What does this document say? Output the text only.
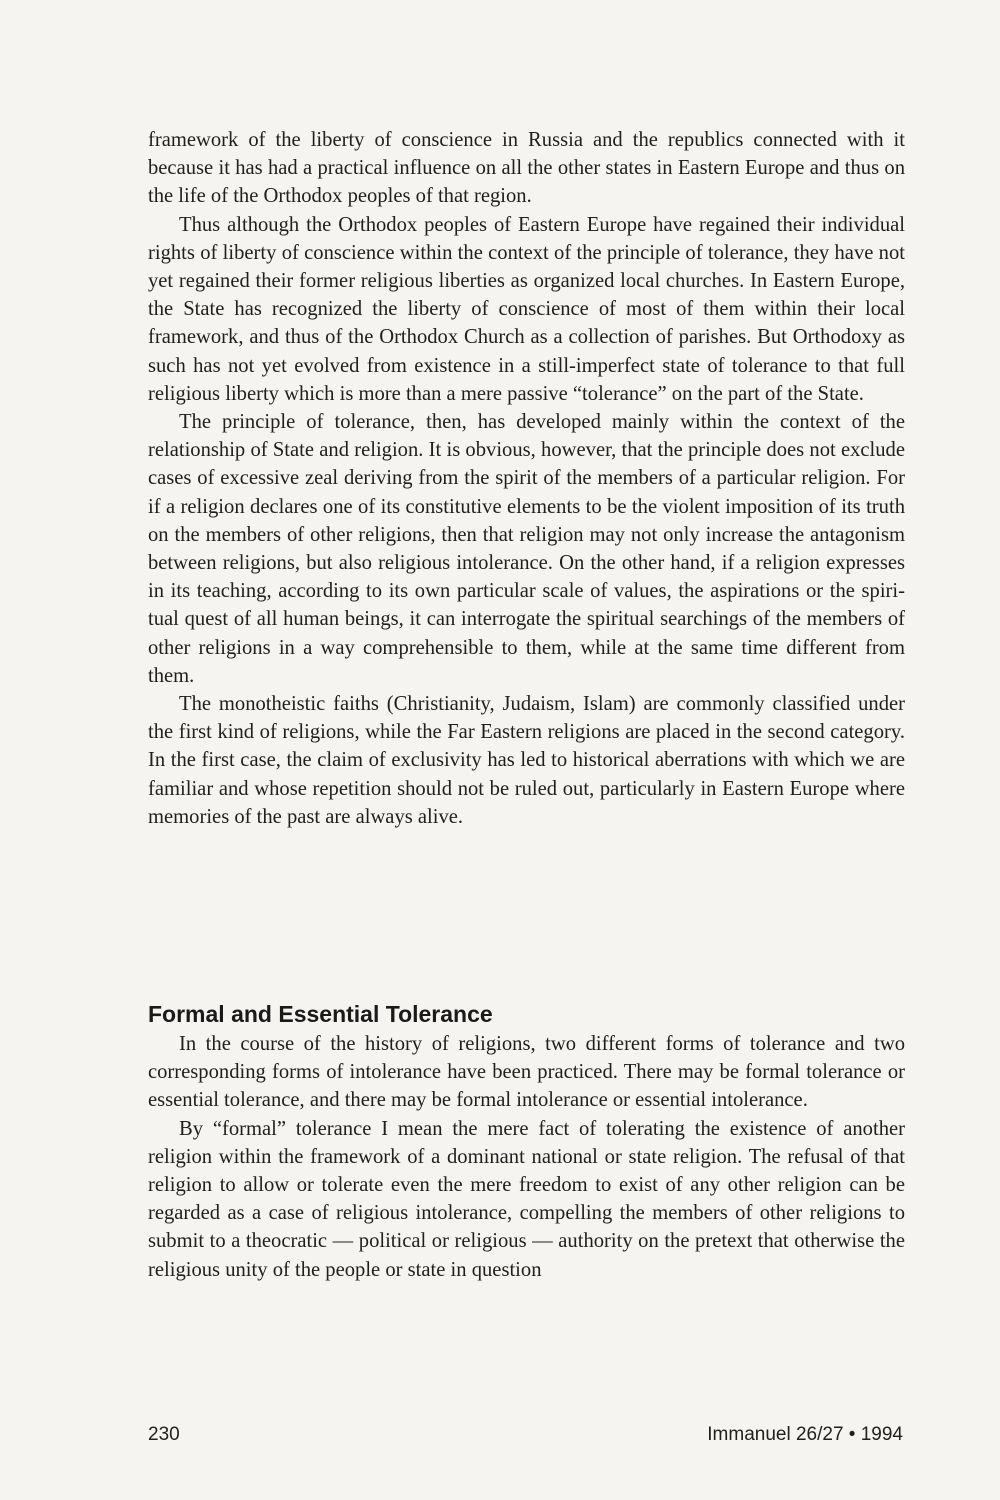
framework of the liberty of conscience in Russia and the republics connected with it because it has had a practical influence on all the other states in Eastern Europe and thus on the life of the Orthodox peoples of that region.

Thus although the Orthodox peoples of Eastern Europe have regained their individual rights of liberty of conscience within the context of the principle of tolerance, they have not yet regained their former religious liberties as organized local churches. In Eastern Europe, the State has recognized the liberty of conscience of most of them within their local framework, and thus of the Orthodox Church as a collection of parishes. But Orthodoxy as such has not yet evolved from existence in a still-imperfect state of tolerance to that full religious liberty which is more than a mere passive “tolerance” on the part of the State.

The principle of tolerance, then, has developed mainly within the context of the relationship of State and religion. It is obvious, however, that the principle does not exclude cases of excessive zeal deriving from the spirit of the members of a particular religion. For if a religion declares one of its constitutive elements to be the violent imposition of its truth on the members of other religions, then that religion may not only increase the antagonism between religions, but also religious intolerance. On the other hand, if a religion expresses in its teaching, according to its own particular scale of values, the aspirations or the spiritual quest of all human beings, it can interrogate the spiritual searchings of the members of other religions in a way comprehensible to them, while at the same time different from them.

The monotheistic faiths (Christianity, Judaism, Islam) are commonly classified under the first kind of religions, while the Far Eastern religions are placed in the second category. In the first case, the claim of exclusivity has led to historical aberrations with which we are familiar and whose repetition should not be ruled out, particularly in Eastern Europe where memories of the past are always alive.

Formal and Essential Tolerance

In the course of the history of religions, two different forms of tolerance and two corresponding forms of intolerance have been practiced. There may be formal tolerance or essential tolerance, and there may be formal intolerance or essential intolerance.

By “formal” tolerance I mean the mere fact of tolerating the existence of another religion within the framework of a dominant national or state religion. The refusal of that religion to allow or tolerate even the mere freedom to exist of any other religion can be regarded as a case of religious intolerance, compelling the members of other religions to submit to a theocratic — political or religious — authority on the pretext that otherwise the religious unity of the people or state in question

230	Immanuel 26/27 • 1994
